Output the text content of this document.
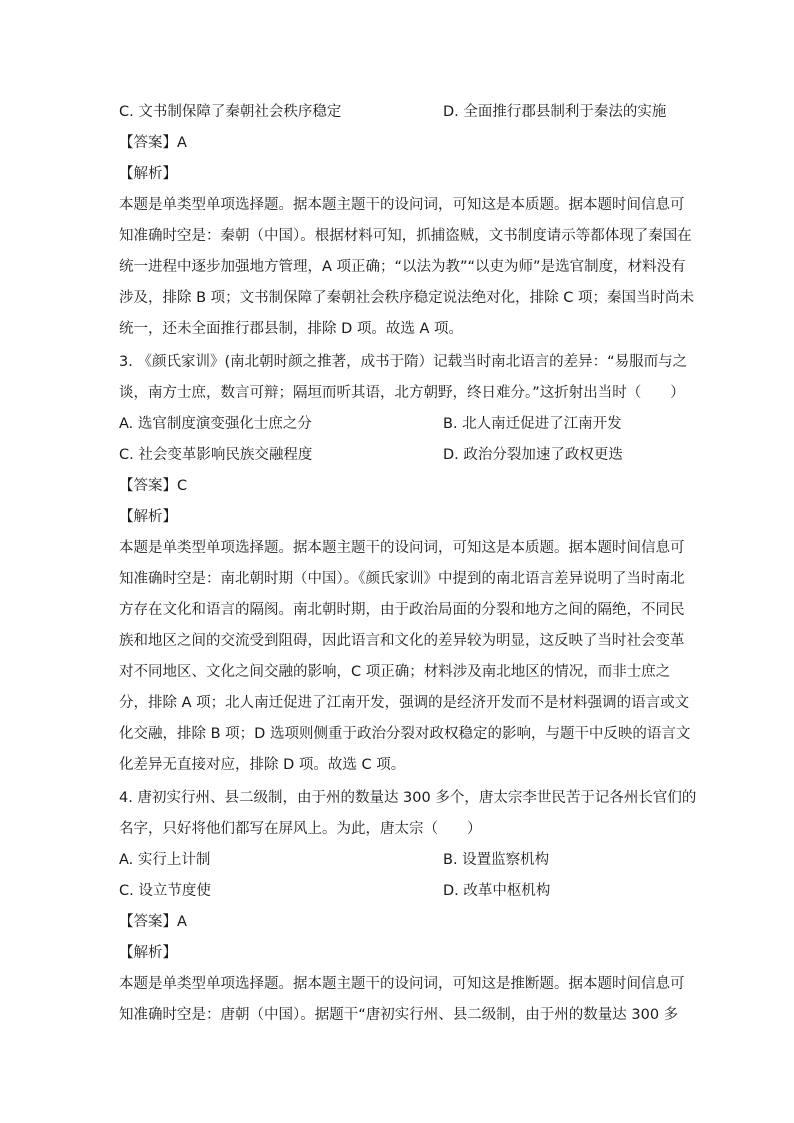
C. 文书制保障了秦朝社会秩序稳定	D. 全面推行郡县制利于秦法的实施
【答案】A
【解析】
本题是单类型单项选择题。据本题主题干的设问词，可知这是本质题。据本题时间信息可
知准确时空是：秦朝（中国）。根据材料可知，抓捕盗贼，文书制度请示等都体现了秦国在
统一进程中逐步加强地方管理，A 项正确；“以法为教”“以吏为师”是选官制度，材料没有
涉及，排除 B 项；文书制保障了秦朝社会秩序稳定说法绝对化，排除 C 项；秦国当时尚未
统一，还未全面推行郡县制，排除 D 项。故选 A 项。
3. 《颜氏家训》(南北朝时颜之推著，成书于隋）记载当时南北语言的差异：“易服而与之
谈，南方士庶，数言可辩；隔垣而听其语，北方朝野，终日难分。”这折射出当时（　　）
A. 选官制度演变强化士庶之分	B. 北人南迁促进了江南开发
C. 社会变革影响民族交融程度	D. 政治分裂加速了政权更迭
【答案】C
【解析】
本题是单类型单项选择题。据本题主题干的设问词，可知这是本质题。据本题时间信息可
知准确时空是：南北朝时期（中国）。《颜氏家训》中提到的南北语言差异说明了当时南北
方存在文化和语言的隔阂。南北朝时期，由于政治局面的分裂和地方之间的隔绝，不同民
族和地区之间的交流受到阻碍，因此语言和文化的差异较为明显，这反映了当时社会变革
对不同地区、文化之间交融的影响，C 项正确；材料涉及南北地区的情况，而非士庶之
分，排除 A 项；北人南迁促进了江南开发，强调的是经济开发而不是材料强调的语言或文
化交融，排除 B 项；D 选项则侧重于政治分裂对政权稳定的影响，与题干中反映的语言文
化差异无直接对应，排除 D 项。故选 C 项。
4. 唐初实行州、县二级制，由于州的数量达 300 多个，唐太宗李世民苦于记各州长官们的
名字，只好将他们都写在屏风上。为此，唐太宗（　　）
A. 实行上计制	B. 设置监察机构
C. 设立节度使	D. 改革中枢机构
【答案】A
【解析】
本题是单类型单项选择题。据本题主题干的设问词，可知这是推断题。据本题时间信息可
知准确时空是：唐朝（中国）。据题干“唐初实行州、县二级制，由于州的数量达 300 多
